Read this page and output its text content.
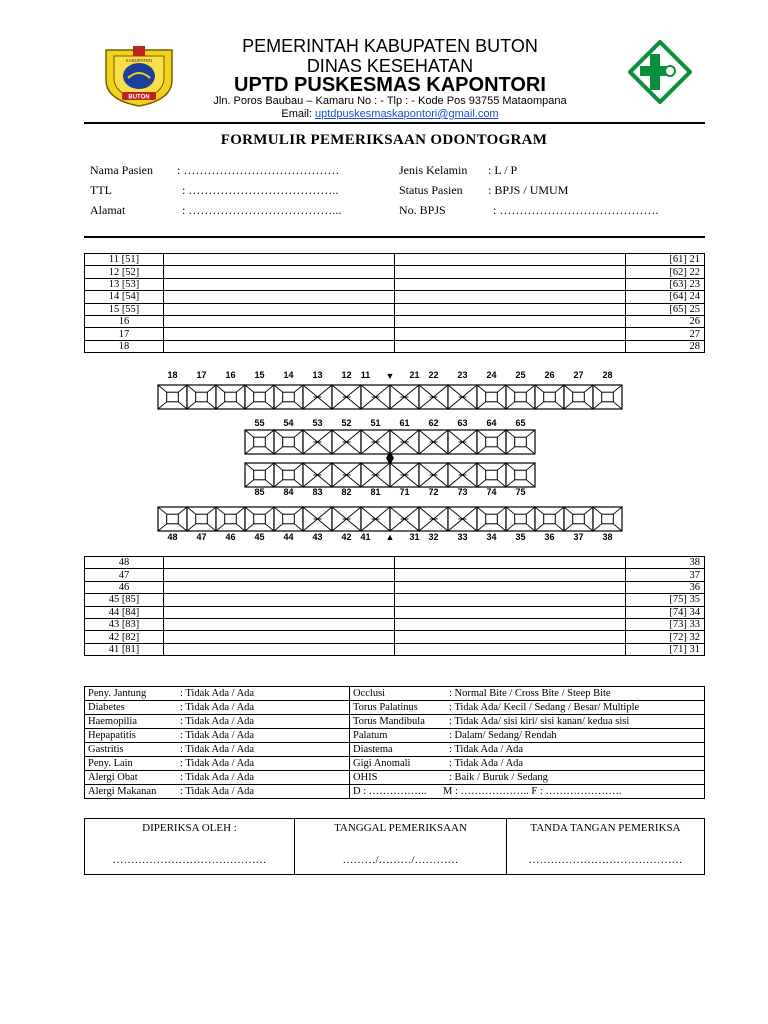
BUTON
KABUPATEN
PEMERINTAH KABUPATEN BUTON
DINAS KESEHATAN
UPTD PUSKESMAS KAPONTORI
Jln. Poros Baubau – Kamaru No : - Tlp : - Kode Pos 93755 Mataompana
Email: uptdpuskesmaskapontori@gmail.com
FORMULIR PEMERIKSAAN ODONTOGRAM
Nama Pasien : …………………………………
TTL	: ………………………………..
Alamat	: ………………………………...
Jenis Kelamin : L / P
Status Pasien : BPJS / UMUM
No. BPJS	: ………………………………….
11 [51]			[61] 21
12 [52]			[62] 22
13 [53]			[63] 23
14 [54]			[64] 24
15 [55]			[65] 25
16			26
17			27
18			28
18 17 16 15 14 13 12 11	21 22 23 24 25 26 27 28
▼
55 54 53 52 51 61 62 63 64 65
85 84 83 82 81 71 72 73 74 75
48 47 46 45 44 43 42 41	31 32 33 34 35 36 37 38
▲
48			38
47			37
46			36
45 [85]			[75] 35
44 [84]			[74] 34
43 [83]			[73] 33
42 [82]			[72] 32
41 [81]			[71] 31
Peny. Jantung : Tidak Ada / Ada	Occlusi : Normal Bite / Cross Bite / Steep Bite
Diabetes : Tidak Ada / Ada	Torus Palatinus : Tidak Ada/ Kecil / Sedang / Besar/ Multiple
Haemopilia : Tidak Ada / Ada	Torus Mandibula : Tidak Ada/ sisi kiri/ sisi kanan/ kedua sisi
Hepapatitis : Tidak Ada / Ada	Palatum : Dalam/ Sedang/ Rendah
Gastritis : Tidak Ada / Ada	Diastema : Tidak Ada / Ada
Peny. Lain : Tidak Ada / Ada	Gigi Anomali : Tidak Ada / Ada
Alergi Obat : Tidak Ada / Ada	OHIS : Baik / Buruk / Sedang
Alergi Makanan : Tidak Ada / Ada	D : …………….. M : ……………….. F : ………………….
DIPERIKSA OLEH :
……………………………………
	TANGGAL PEMERIKSAAN
………/………/…………
	TANDA TANGAN PEMERIKSA
……………………………………
